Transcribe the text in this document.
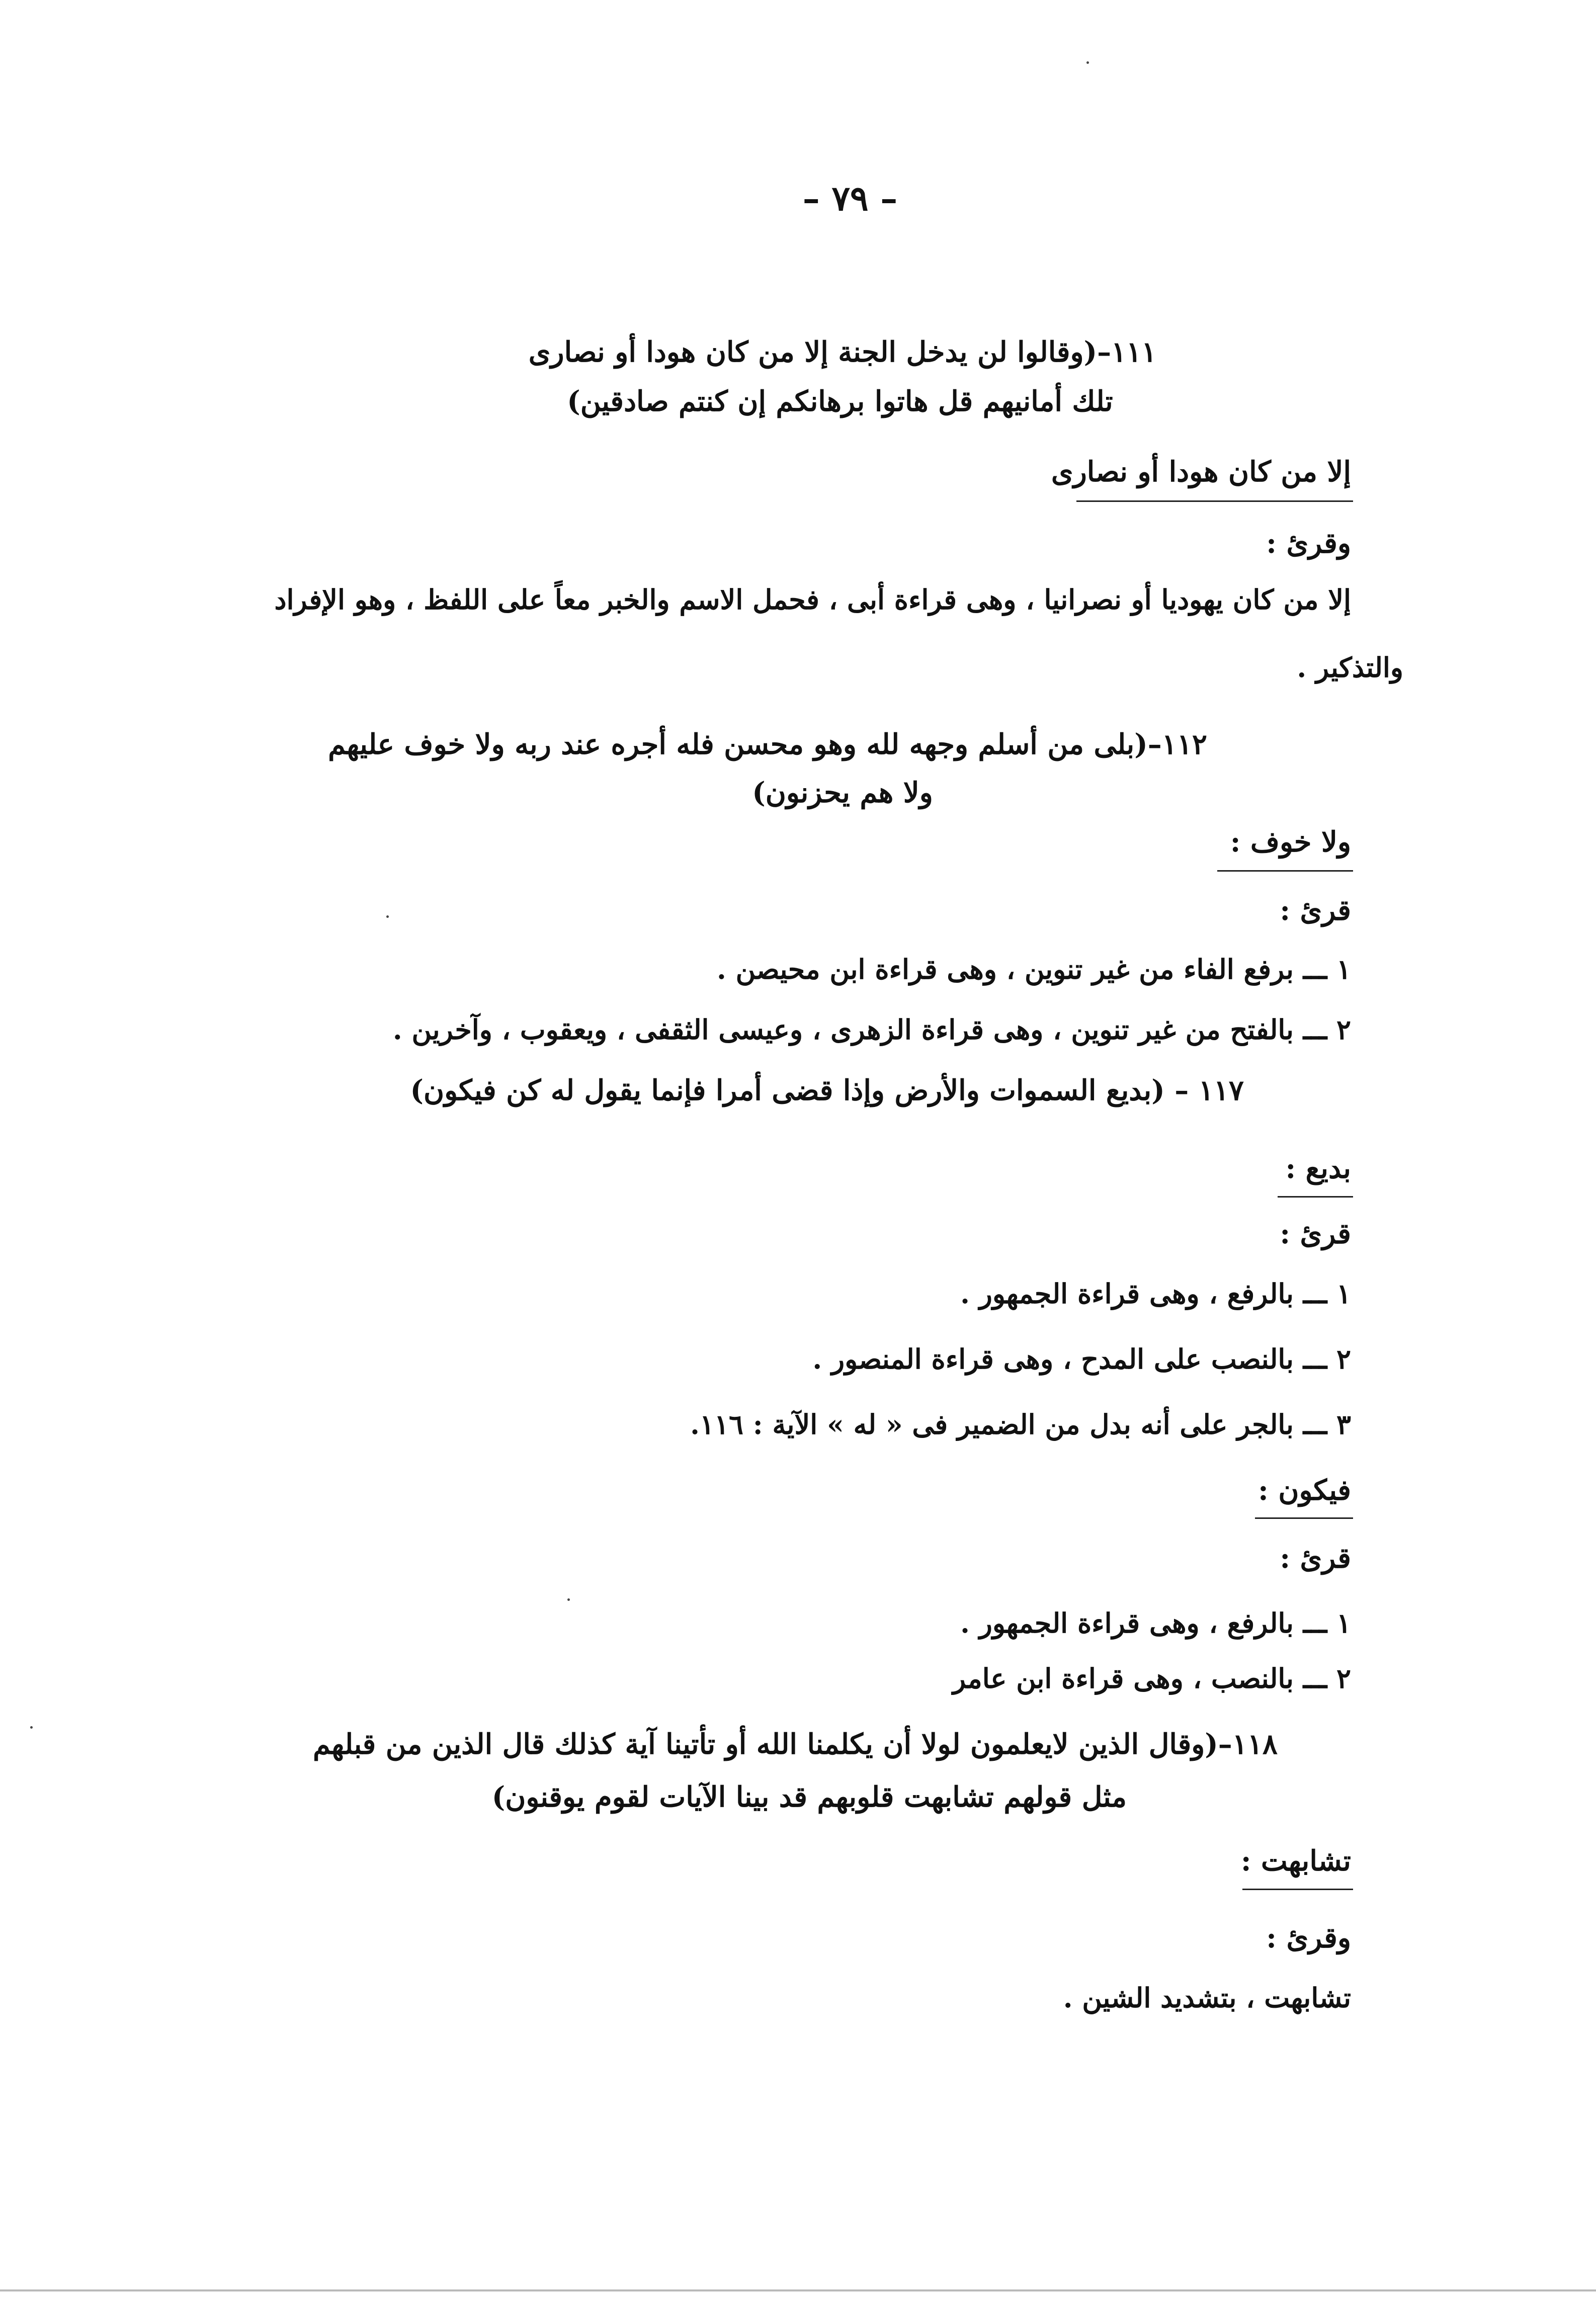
– ٧٩ –
١١١–(وقالوا لن يدخل الجنة إلا من كان هودا أو نصارى
تلك أمانيهم قل هاتوا برهانكم إن كنتم صادقين)
إلا من كان هودا أو نصارى
وقرئ :
إلا من كان يهوديا أو نصرانيا ، وهى قراءة أبى ، فحمل الاسم والخبر معاً على اللفظ ، وهو الإفراد
والتذكير .
١١٢–(بلى من أسلم وجهه لله وهو محسن فله أجره عند ربه ولا خوف عليهم
ولا هم يحزنون)
ولا خوف :
قرئ :
١ ـــ برفع الفاء من غير تنوين ، وهى قراءة ابن محيصن .
٢ ـــ بالفتح من غير تنوين ، وهى قراءة الزهرى ، وعيسى الثقفى ، ويعقوب ، وآخرين .
١١٧ – (بديع السموات والأرض وإذا قضى أمرا فإنما يقول له كن فيكون)
بديع :
قرئ :
١ ـــ بالرفع ، وهى قراءة الجمهور .
٢ ـــ بالنصب على المدح ، وهى قراءة المنصور .
٣ ـــ بالجر على أنه بدل من الضمير فى « له » الآية : ١١٦.
فيكون :
قرئ :
١ ـــ بالرفع ، وهى قراءة الجمهور .
٢ ـــ بالنصب ، وهى قراءة ابن عامر
١١٨–(وقال الذين لايعلمون لولا أن يكلمنا الله أو تأتينا آية كذلك قال الذين من قبلهم
مثل قولهم تشابهت قلوبهم قد بينا الآيات لقوم يوقنون)
تشابهت :
وقرئ :
تشابهت ، بتشديد الشين .
